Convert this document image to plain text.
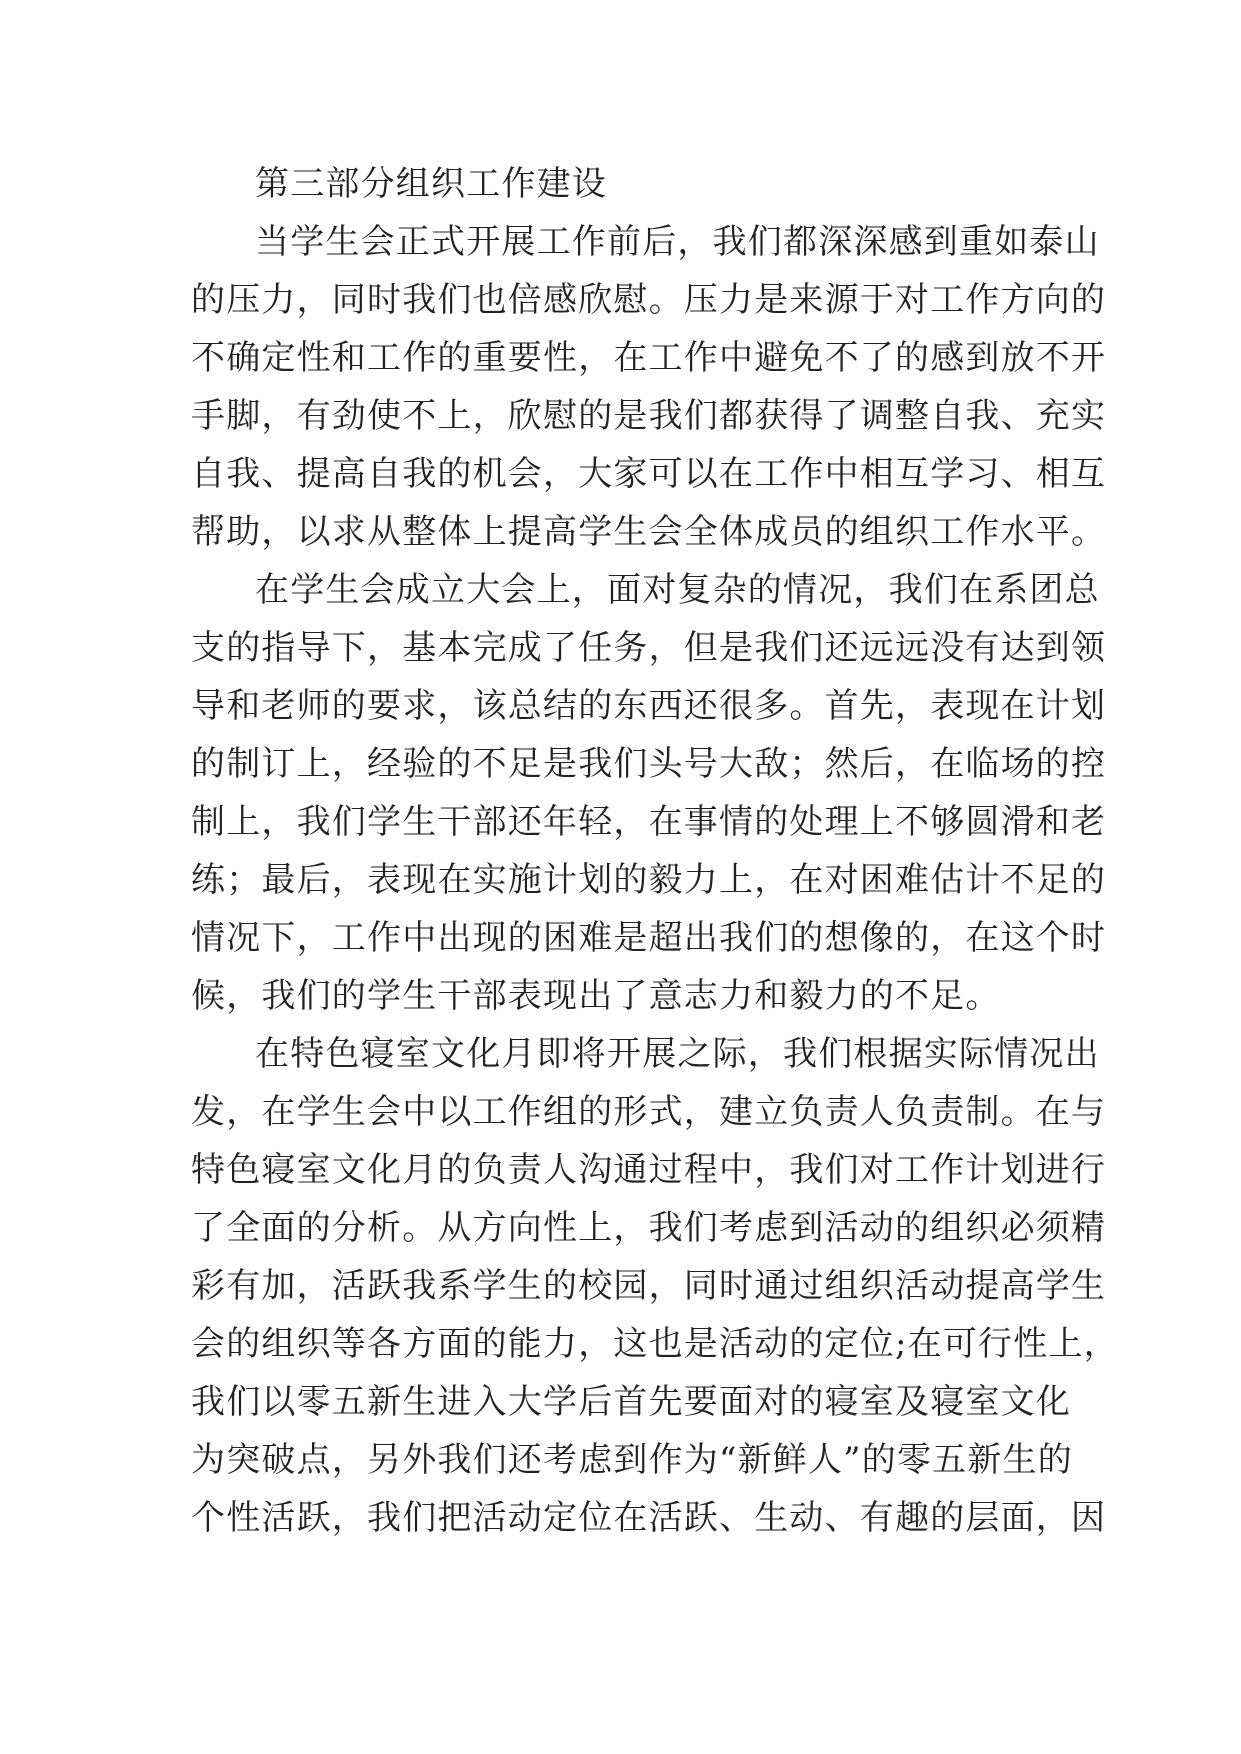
第三部分组织工作建设
当学生会正式开展工作前后，我们都深深感到重如泰山
的压力，同时我们也倍感欣慰。压力是来源于对工作方向的
不确定性和工作的重要性，在工作中避免不了的感到放不开
手脚，有劲使不上，欣慰的是我们都获得了调整自我、充实
自我、提高自我的机会，大家可以在工作中相互学习、相互
帮助，以求从整体上提高学生会全体成员的组织工作水平。
在学生会成立大会上，面对复杂的情况，我们在系团总
支的指导下，基本完成了任务，但是我们还远远没有达到领
导和老师的要求，该总结的东西还很多。首先，表现在计划
的制订上，经验的不足是我们头号大敌；然后，在临场的控
制上，我们学生干部还年轻，在事情的处理上不够圆滑和老
练；最后，表现在实施计划的毅力上，在对困难估计不足的
情况下，工作中出现的困难是超出我们的想像的，在这个时
候，我们的学生干部表现出了意志力和毅力的不足。
在特色寝室文化月即将开展之际，我们根据实际情况出
发，在学生会中以工作组的形式，建立负责人负责制。在与
特色寝室文化月的负责人沟通过程中，我们对工作计划进行
了全面的分析。从方向性上，我们考虑到活动的组织必须精
彩有加，活跃我系学生的校园，同时通过组织活动提高学生
会的组织等各方面的能力，这也是活动的定位;在可行性上，
我们以零五新生进入大学后首先要面对的寝室及寝室文化
为突破点，另外我们还考虑到作为“新鲜人”的零五新生的
个性活跃，我们把活动定位在活跃、生动、有趣的层面，因
